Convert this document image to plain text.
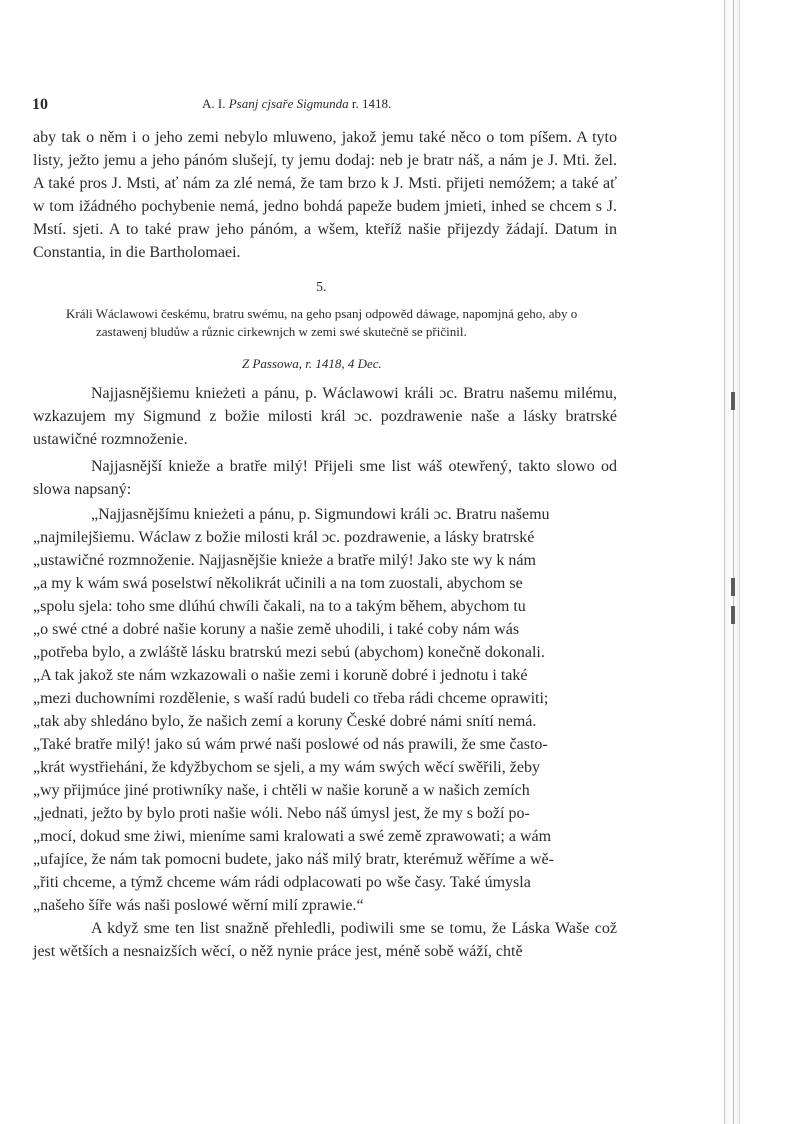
10	A. I. Psanj cjsaře Sigmunda r. 1418.

aby tak o něm i o jeho zemi nebylo mluweno, jakož jemu také něco o tom píšem. A tyto listy, ježto jemu a jeho pánóm slušejí, ty jemu dodaj: neb je bratr náš, a nám je J. Mti. žel. A také pros J. Msti, ať nám za zlé nemá, že tam brzo k J. Msti. přijeti nemóžem; a také ať w tom ižádného pochybenie nemá, jedno bohdá papeže budem jmieti, inhed se chcem s J. Mstí. sjeti. A to také praw jeho pánóm, a wšem, kteříž našie přijezdy žádají. Datum in Constantia, in die Bartholomaei.

5.

Králi Wáclawowi českému, bratru swému, na geho psanj odpowěd dáwage, napomjná geho, aby o zastawenj bludůw a různic cirkewnjch w zemi swé skutečně se přičinil.

Z Passowa, r. 1418, 4 Dec.

Najjasnějšiemu knieżeti a pánu, p. Wáclawowi králi ɔc. Bratru našemu milému, wzkazujem my Sigmund z božie milosti král ɔc. pozdrawenie naše a lásky bratrské ustawičné rozmnoženie.

Najjasnější knieže a bratře milý! Přijeli sme list wáš otewřený, takto slowo od slowa napsaný:

„Najjasnějšímu knieżeti a pánu, p. Sigmundowi králi ɔc. Bratru našemu

„najmilejšiemu. Wáclaw z božie milosti král ɔc. pozdrawenie, a lásky bratrské

„ustawičné rozmnoženie. Najjasnějšie knieże a bratře milý! Jako ste wy k nám

„a my k wám swá poselstwí několikrát učinili a na tom zuostali, abychom se

„spolu sjela: toho sme dlúhú chwíli čakali, na to a takým během, abychom tu

„o swé ctné a dobré našie koruny a našie země uhodili, i také coby nám wás

„potřeba bylo, a zwláště lásku bratrskú mezi sebú (abychom) konečně dokonali.

„A tak jakož ste nám wzkazowali o našie zemi i koruně dobré i jednotu i také

„mezi duchowními rozdělenie, s waší radú budeli co třeba rádi chceme oprawiti;

„tak aby shledáno bylo, že našich zemí a koruny České dobré námi snítí nemá.

„Také bratře milý! jako sú wám prwé naši poslowé od nás prawili, že sme často-

„krát wystřieháni, že kdyžbychom se sjeli, a my wám swých wěcí swěřili, žeby

„wy přijmúce jiné protiwníky naše, i chtěli w našie koruně a w našich zemích

„jednati, ježto by bylo proti našie wóli. Nebo náš úmysl jest, že my s boží po-

„mocí, dokud sme żiwi, mieníme sami kralowati a swé země zprawowati; a wám

„ufajíce, že nám tak pomocni budete, jako náš milý bratr, kterémuž wěříme a wě-

„řiti chceme, a týmž chceme wám rádi odplacowati po wše časy. Také úmysla

„našeho šíře wás naši poslowé wěrní milí zprawie.“

A když sme ten list snažně přehledli, podiwili sme se tomu, že Láska Waše což jest wětších a nesnaizších wěcí, o něž nynie práce jest, méně sobě wáží, chtě
